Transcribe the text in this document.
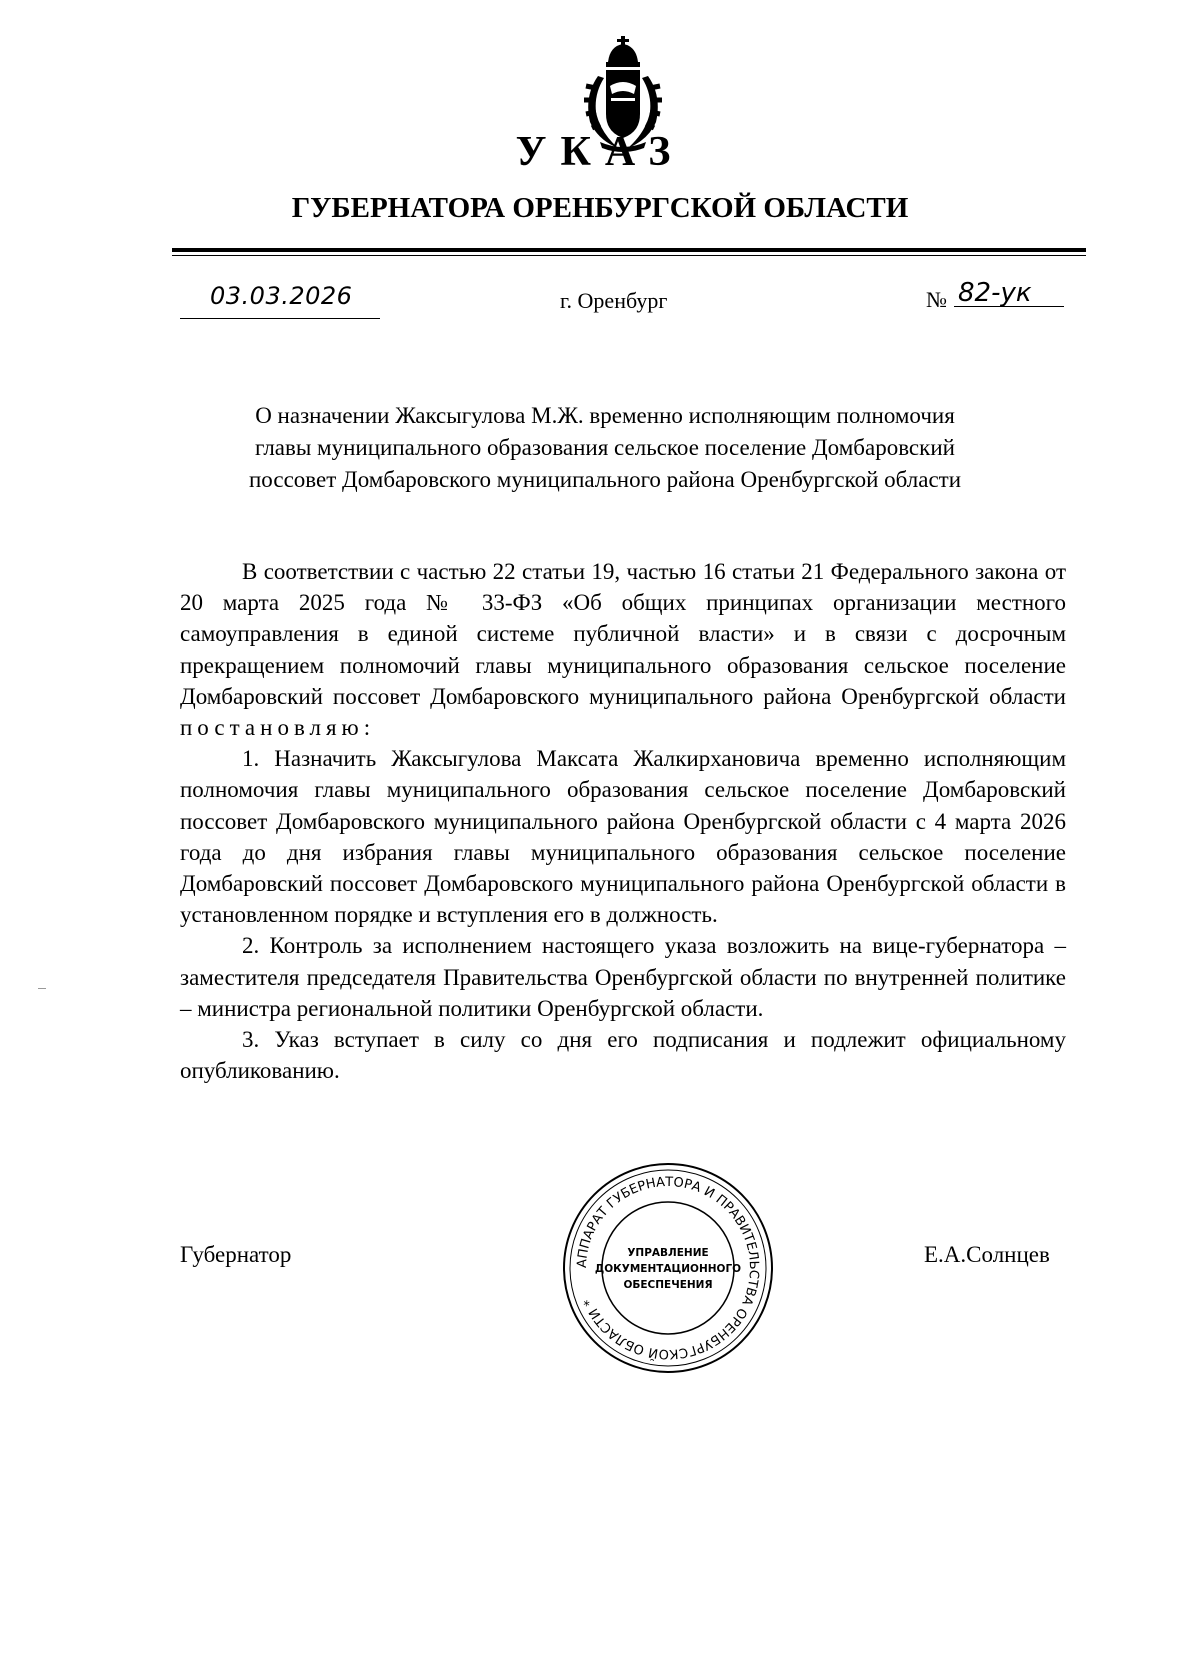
УКАЗ
ГУБЕРНАТОРА ОРЕНБУРГСКОЙ ОБЛАСТИ
03.03.2026	г. Оренбург	№ 82-ук
О назначении Жаксыгулова М.Ж. временно исполняющим полномочия
главы муниципального образования сельское поселение Домбаровский
поссовет Домбаровского муниципального района Оренбургской области

В соответствии с частью 22 статьи 19, частью 16 статьи 21 Федерального закона от 20 марта 2025 года № 33-ФЗ «Об общих принципах организации местного самоуправления в единой системе публичной власти» и в связи с досрочным прекращением полномочий главы муниципального образования сельское поселение Домбаровский поссовет Домбаровского муниципального района Оренбургской области постановляю:

1. Назначить Жаксыгулова Максата Жалкирхановича временно исполняющим полномочия главы муниципального образования сельское поселение Домбаровский поссовет Домбаровского муниципального района Оренбургской области с 4 марта 2026 года до дня избрания главы муниципального образования сельское поселение Домбаровский поссовет Домбаровского муниципального района Оренбургской области в установленном порядке и вступления его в должность.

2. Контроль за исполнением настоящего указа возложить на вице-губернатора – заместителя председателя Правительства Оренбургской области по внутренней политике – министра региональной политики Оренбургской области.

3. Указ вступает в силу со дня его подписания и подлежит официальному опубликованию.

Губернатор	Е.А.Солнцев
АППАРАТ ГУБЕРНАТОРА И ПРАВИТЕЛЬСТВА ОРЕНБУРГСКОЙ ОБЛАСТИ *
УПРАВЛЕНИЕ
ДОКУМЕНТАЦИОННОГО
ОБЕСПЕЧЕНИЯ
